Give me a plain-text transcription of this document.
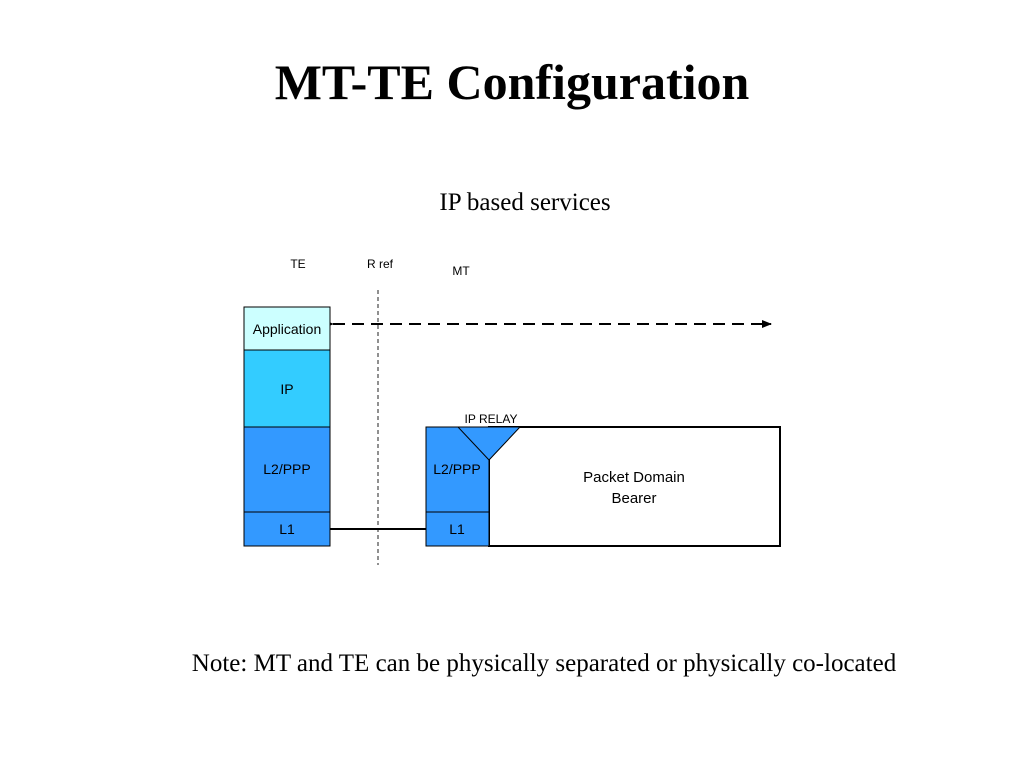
MT-TE Configuration
IP based services
TE	R ref	MT
Application
IP
L2/PPP
L1
Packet Domain
Bearer
L2/PPP
L1
IP RELAY
Note: MT and TE can be physically separated or physically co-located
